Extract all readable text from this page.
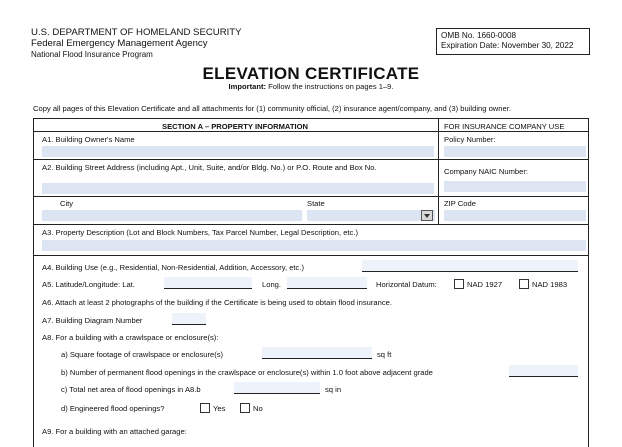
U.S. DEPARTMENT OF HOMELAND SECURITY
Federal Emergency Management Agency
National Flood Insurance Program
OMB No. 1660-0008
Expiration Date: November 30, 2022
ELEVATION CERTIFICATE
Important: Follow the instructions on pages 1–9.
Copy all pages of this Elevation Certificate and all attachments for (1) community official, (2) insurance agent/company, and (3) building owner.
SECTION A – PROPERTY INFORMATION	FOR INSURANCE COMPANY USE
A1. Building Owner's Name	Policy Number:
A2. Building Street Address (including Apt., Unit, Suite, and/or Bldg. No.) or P.O. Route and Box No.	Company NAIC Number:
City	State	ZIP Code
A3. Property Description (Lot and Block Numbers, Tax Parcel Number, Legal Description, etc.)
A4. Building Use (e.g., Residential, Non-Residential, Addition, Accessory, etc.)
A5. Latitude/Longitude: Lat.	Long.	Horizontal Datum:	NAD 1927	NAD 1983
A6. Attach at least 2 photographs of the building if the Certificate is being used to obtain flood insurance.
A7. Building Diagram Number
A8. For a building with a crawlspace or enclosure(s):
a) Square footage of crawlspace or enclosure(s)	sq ft
b) Number of permanent flood openings in the crawlspace or enclosure(s) within 1.0 foot above adjacent grade
c) Total net area of flood openings in A8.b	sq in
d) Engineered flood openings?	Yes	No
A9. For a building with an attached garage:
